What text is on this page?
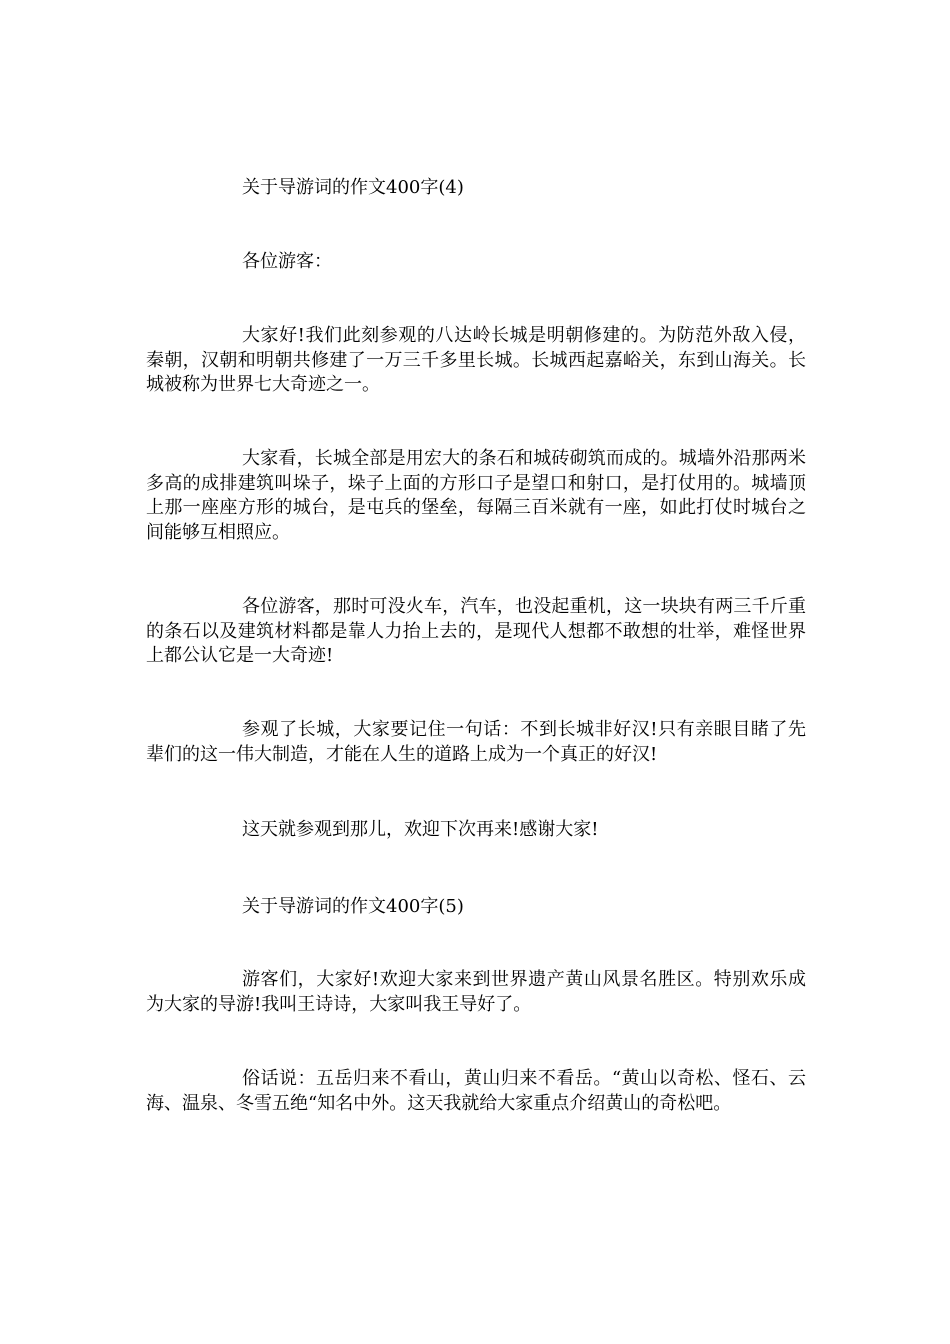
关于导游词的作文400字(4)

各位游客：

大家好!我们此刻参观的八达岭长城是明朝修建的。为防范外敌入侵，秦朝，汉朝和明朝共修建了一万三千多里长城。长城西起嘉峪关，东到山海关。长城被称为世界七大奇迹之一。

大家看，长城全部是用宏大的条石和城砖砌筑而成的。城墙外沿那两米多高的成排建筑叫垛子，垛子上面的方形口子是望口和射口，是打仗用的。城墙顶上那一座座方形的城台，是屯兵的堡垒，每隔三百米就有一座，如此打仗时城台之间能够互相照应。

各位游客，那时可没火车，汽车，也没起重机，这一块块有两三千斤重的条石以及建筑材料都是靠人力抬上去的，是现代人想都不敢想的壮举，难怪世界上都公认它是一大奇迹!

参观了长城，大家要记住一句话：不到长城非好汉!只有亲眼目睹了先辈们的这一伟大制造，才能在人生的道路上成为一个真正的好汉!

这天就参观到那儿，欢迎下次再来!感谢大家!

关于导游词的作文400字(5)

游客们，大家好!欢迎大家来到世界遗产黄山风景名胜区。特别欢乐成为大家的导游!我叫王诗诗，大家叫我王导好了。

俗话说：五岳归来不看山，黄山归来不看岳。“黄山以奇松、怪石、云海、温泉、冬雪五绝“知名中外。这天我就给大家重点介绍黄山的奇松吧。
